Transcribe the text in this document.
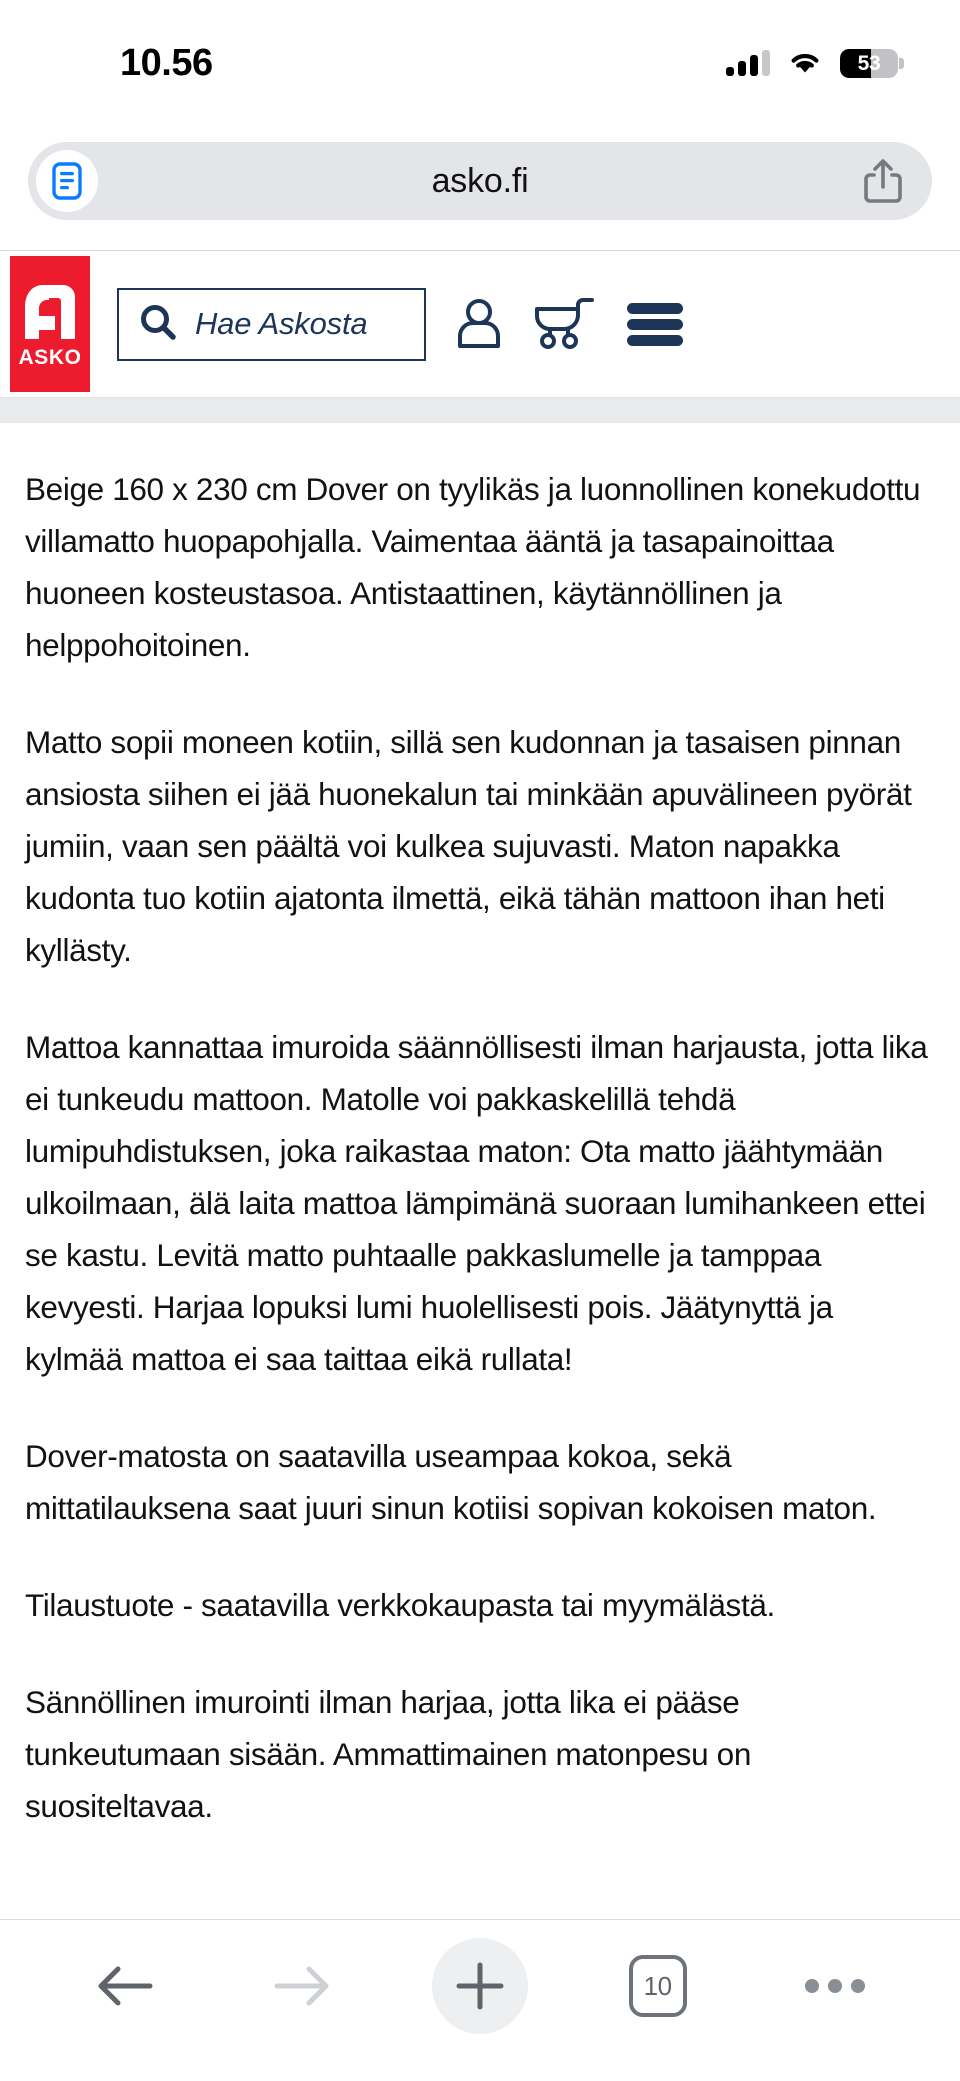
10.56	53
asko.fi
ASKO
Hae Askosta

Beige 160 x 230 cm Dover on tyylikäs ja luonnollinen konekudottu villamatto huopapohjalla. Vaimentaa ääntä ja tasapainoittaa huoneen kosteustasoa. Antistaattinen, käytännöllinen ja helppohoitoinen.

Matto sopii moneen kotiin, sillä sen kudonnan ja tasaisen pinnan ansiosta siihen ei jää huonekalun tai minkään apuvälineen pyörät jumiin, vaan sen päältä voi kulkea sujuvasti. Maton napakka kudonta tuo kotiin ajatonta ilmettä, eikä tähän mattoon ihan heti kyllästy.

Mattoa kannattaa imuroida säännöllisesti ilman harjausta, jotta lika ei tunkeudu mattoon. Matolle voi pakkaskelillä tehdä lumipuhdistuksen, joka raikastaa maton: Ota matto jäähtymään ulkoilmaan, älä laita mattoa lämpimänä suoraan lumihankeen ettei se kastu. Levitä matto puhtaalle pakkaslumelle ja tamppaa kevyesti. Harjaa lopuksi lumi huolellisesti pois. Jäätynyttä ja kylmää mattoa ei saa taittaa eikä rullata!

Dover-matosta on saatavilla useampaa kokoa, sekä mittatilauksena saat juuri sinun kotiisi sopivan kokoisen maton.

Tilaustuote - saatavilla verkkokaupasta tai myymälästä.

Sännöllinen imurointi ilman harjaa, jotta lika ei pääse tunkeutumaan sisään. Ammattimainen matonpesu on suositeltavaa.

10
